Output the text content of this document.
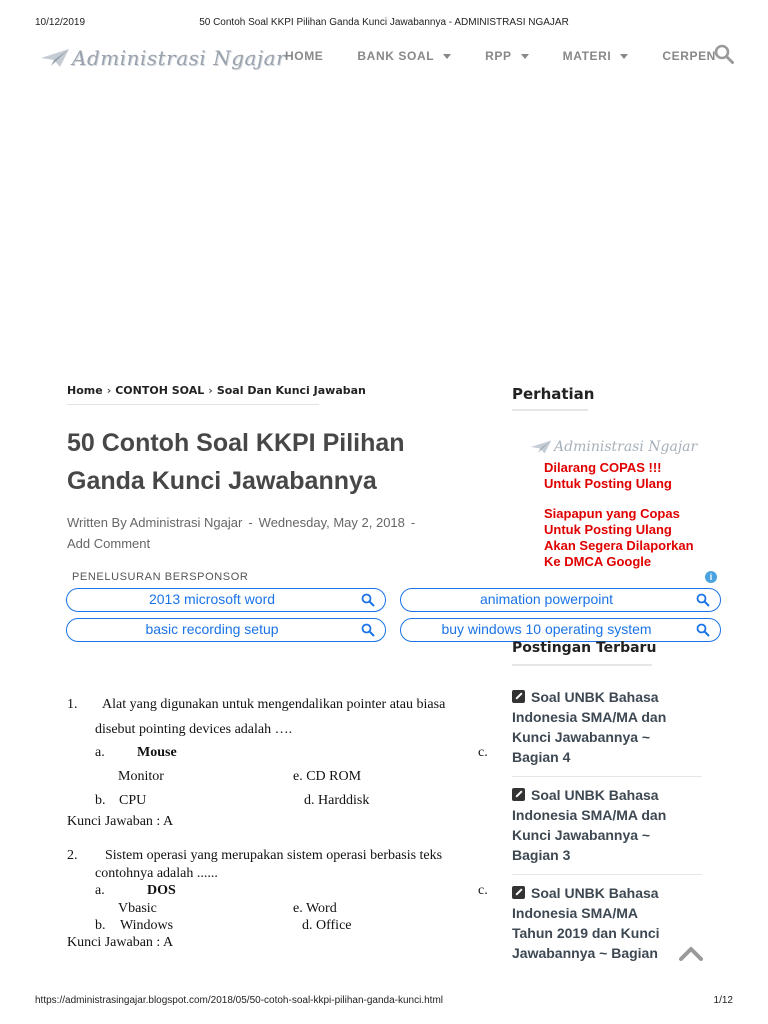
10/12/2019	50 Contoh Soal KKPI Pilihan Ganda Kunci Jawabannya - ADMINISTRASI NGAJAR
Administrasi Ngajar
HOME	BANK SOAL	RPP	MATERI	CERPEN
Home › CONTOH SOAL › Soal Dan Kunci Jawaban
50 Contoh Soal KKPI Pilihan Ganda Kunci Jawabannya
Written By Administrasi Ngajar - Wednesday, May 2, 2018 -
Add Comment
Perhatian
Administrasi Ngajar
Dilarang COPAS !!!
Untuk Posting Ulang
Siapapun yang Copas
Untuk Posting Ulang
Akan Segera Dilaporkan
Ke DMCA Google
PENELUSURAN BERSPONSOR	i
2013 microsoft word	animation powerpoint
basic recording setup	buy windows 10 operating system
Postingan Terbaru
Soal UNBK Bahasa
Indonesia SMA/MA dan
Kunci Jawabannya ~
Bagian 4
Soal UNBK Bahasa
Indonesia SMA/MA dan
Kunci Jawabannya ~
Bagian 3
Soal UNBK Bahasa
Indonesia SMA/MA
Tahun 2019 dan Kunci
Jawabannya ~ Bagian
1. Alat yang digunakan untuk mengendalikan pointer atau biasa
disebut pointing devices adalah ….
a. Mouse	c.
Monitor	e. CD ROM
b. CPU	d. Harddisk
Kunci Jawaban : A
2. Sistem operasi yang merupakan sistem operasi berbasis teks
contohnya adalah ......
a.	DOS	c.
Vbasic	e. Word
b. Windows	d. Office
Kunci Jawaban : A
https://administrasingajar.blogspot.com/2018/05/50-cotoh-soal-kkpi-pilihan-ganda-kunci.html	1/12
